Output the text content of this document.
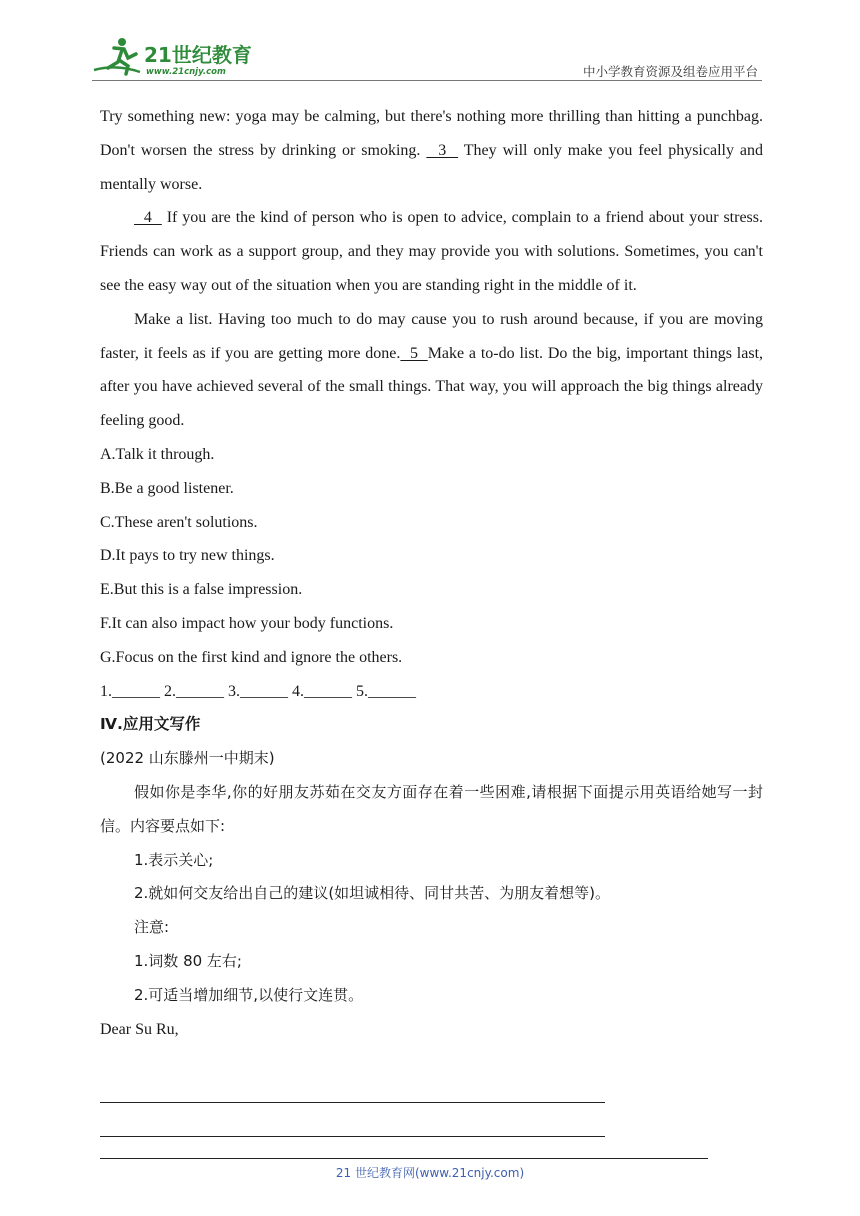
21世纪教育
www.21cnjy.com	中小学教育资源及组卷应用平台

Try something new: yoga may be calming, but there's nothing more thrilling than hitting a punchbag. Don't worsen the stress by drinking or smoking.   3   They will only make you feel physically and mentally worse.

4   If you are the kind of person who is open to advice, complain to a friend about your stress. Friends can work as a support group, and they may provide you with solutions. Sometimes, you can't see the easy way out of the situation when you are standing right in the middle of it.

Make a list. Having too much to do may cause you to rush around because, if you are moving faster, it feels as if you are getting more done.  5  Make a to-do list. Do the big, important things last, after you have achieved several of the small things. That way, you will approach the big things already feeling good.

A.Talk it through.

B.Be a good listener.

C.These aren't solutions.

D.It pays to try new things.

E.But this is a false impression.

F.It can also impact how your body functions.

G.Focus on the first kind and ignore the others.

1.______ 2.______ 3.______ 4.______ 5.______

Ⅳ.应用文写作

(2022 山东滕州一中期末)

假如你是李华,你的好朋友苏茹在交友方面存在着一些困难,请根据下面提示用英语给她写一封信。内容要点如下:

1.表示关心;

2.就如何交友给出自己的建议(如坦诚相待、同甘共苦、为朋友着想等)。

注意:

1.词数 80 左右;

2.可适当增加细节,以使行文连贯。

Dear Su Ru,

21 世纪教育网(www.21cnjy.com)
